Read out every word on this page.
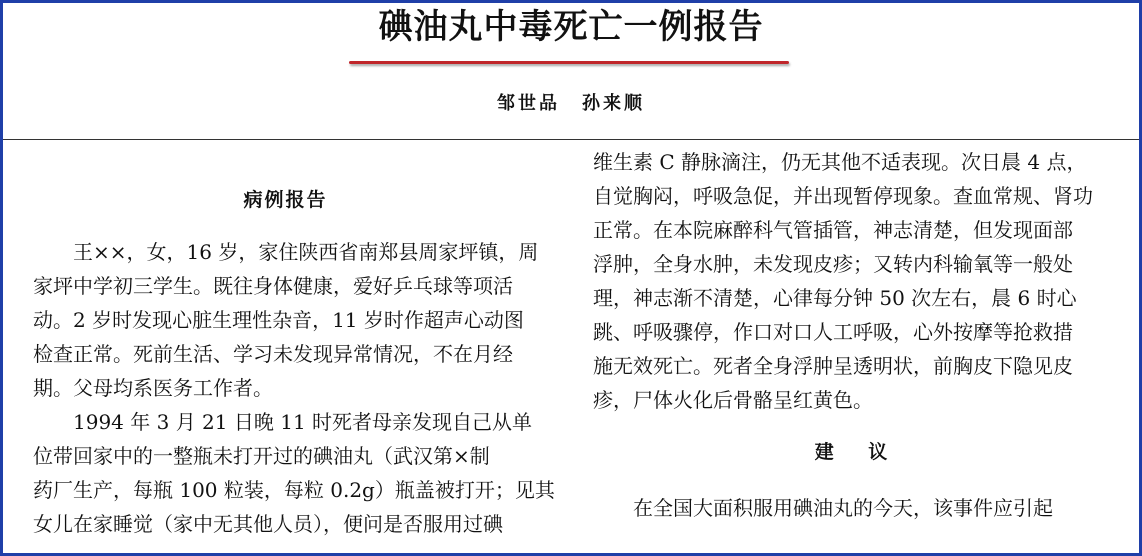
碘油丸中毒死亡一例报告
邹世品 孙来顺
病例报告
王××，女，16 岁，家住陕西省南郑县周家坪镇，周
家坪中学初三学生。既往身体健康，爱好乒乓球等项活
动。2 岁时发现心脏生理性杂音，11 岁时作超声心动图
检查正常。死前生活、学习未发现异常情况，不在月经
期。父母均系医务工作者。
1994 年 3 月 21 日晚 11 时死者母亲发现自己从单
位带回家中的一整瓶未打开过的碘油丸（武汉第×制
药厂生产，每瓶 100 粒装，每粒 0.2g）瓶盖被打开；见其
女儿在家睡觉（家中无其他人员），便问是否服用过碘
维生素 C 静脉滴注，仍无其他不适表现。次日晨 4 点，
自觉胸闷，呼吸急促，并出现暂停现象。查血常规、肾功
正常。在本院麻醉科气管插管，神志清楚，但发现面部
浮肿，全身水肿，未发现皮疹；又转内科输氧等一般处
理，神志渐不清楚，心律每分钟 50 次左右，晨 6 时心
跳、呼吸骤停，作口对口人工呼吸，心外按摩等抢救措
施无效死亡。死者全身浮肿呈透明状，前胸皮下隐见皮
疹，尸体火化后骨骼呈红黄色。
建 议
在全国大面积服用碘油丸的今天，该事件应引起
